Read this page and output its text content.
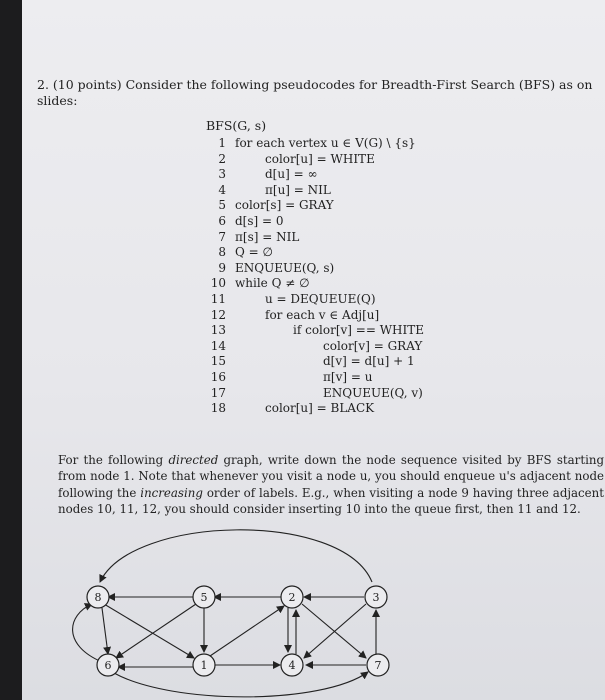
2. (10 points) Consider the following pseudocodes for Breadth-First Search (BFS) as on slides:
BFS(G, s)
1 for each vertex u ∈ V(G) \ {s}
2	color[u] = WHITE
3	d[u] = ∞
4	π[u] = NIL
5 color[s] = GRAY
6 d[s] = 0
7 π[s] = NIL
8 Q = ∅
9 ENQUEUE(Q, s)
10 while Q ≠ ∅
11	u = DEQUEUE(Q)
12	for each v ∈ Adj[u]
13	if color[v] == WHITE
14	color[v] = GRAY
15	d[v] = d[u] + 1
16	π[v] = u
17	ENQUEUE(Q, v)
18	color[u] = BLACK
For the following directed graph, write down the node sequence visited by BFS starting from node 1. Note that whenever you visit a node u, you should enqueue u's adjacent node following the increasing order of labels. E.g., when visiting a node 9 having three adjacent nodes 10, 11, 12, you should consider inserting 10 into the queue first, then 11 and 12.
8	5	2	3
6	1	4	7
